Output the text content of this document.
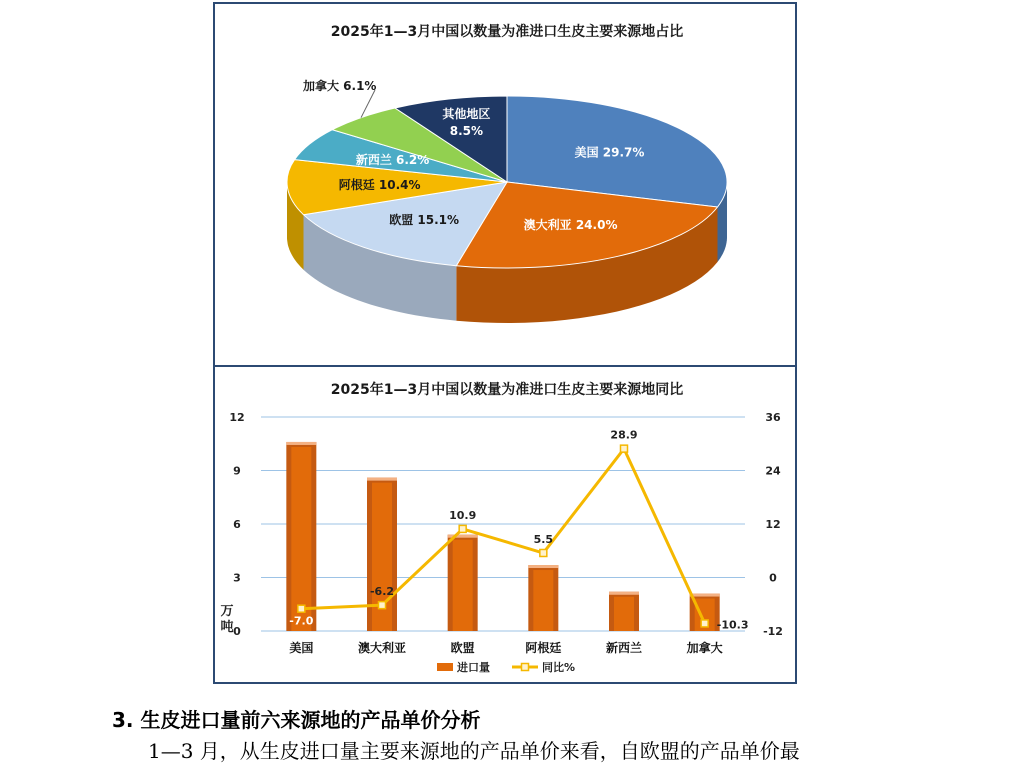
2025年1—3月中国以数量为准进口生皮主要来源地占比
美国 29.7%
澳大利亚 24.0%
欧盟 15.1%
阿根廷 10.4%
新西兰 6.2%
加拿大 6.1%
其他地区
8.5%
2025年1—3月中国以数量为准进口生皮主要来源地同比
12	36
9	24
6	12
3	0
0	-12
万
吨
美国	澳大利亚	欧盟	阿根廷	新西兰	加拿大
-7.0
-6.2
10.9
5.5
28.9
-10.3
进口量	同比%
3. 生皮进口量前六来源地的产品单价分析
1—3 月，从生皮进口量主要来源地的产品单价来看，自欧盟的产品单价最
